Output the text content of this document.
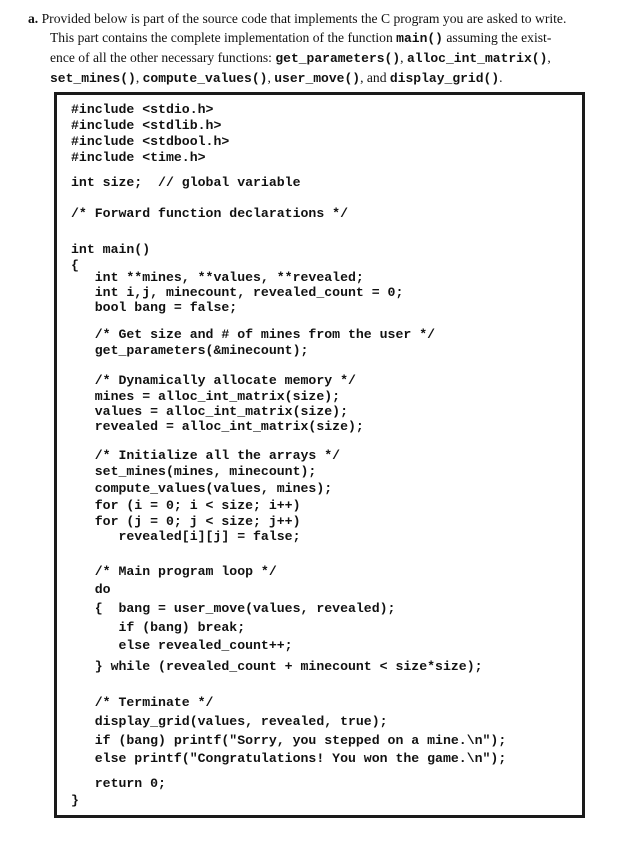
a. Provided below is part of the source code that implements the C program you are asked to write.
This part contains the complete implementation of the function main() assuming the exist-
ence of all the other necessary functions: get_parameters(), alloc_int_matrix(),
set_mines(), compute_values(), user_move(), and display_grid().

#include <stdio.h>

#include <stdlib.h>

#include <stdbool.h>

#include <time.h>

int size;  // global variable

/* Forward function declarations */

int main()

{

int **mines, **values, **revealed;

int i,j, minecount, revealed_count = 0;

bool bang = false;

/* Get size and # of mines from the user */

get_parameters(&minecount);

/* Dynamically allocate memory */

mines = alloc_int_matrix(size);

values = alloc_int_matrix(size);

revealed = alloc_int_matrix(size);

/* Initialize all the arrays */

set_mines(mines, minecount);

compute_values(values, mines);

for (i = 0; i < size; i++)

for (j = 0; j < size; j++)

revealed[i][j] = false;

/* Main program loop */

do

{  bang = user_move(values, revealed);

if (bang) break;

else revealed_count++;

} while (revealed_count + minecount < size*size);

/* Terminate */

display_grid(values, revealed, true);

if (bang) printf("Sorry, you stepped on a mine.\n");

else printf("Congratulations! You won the game.\n");

return 0;

}
